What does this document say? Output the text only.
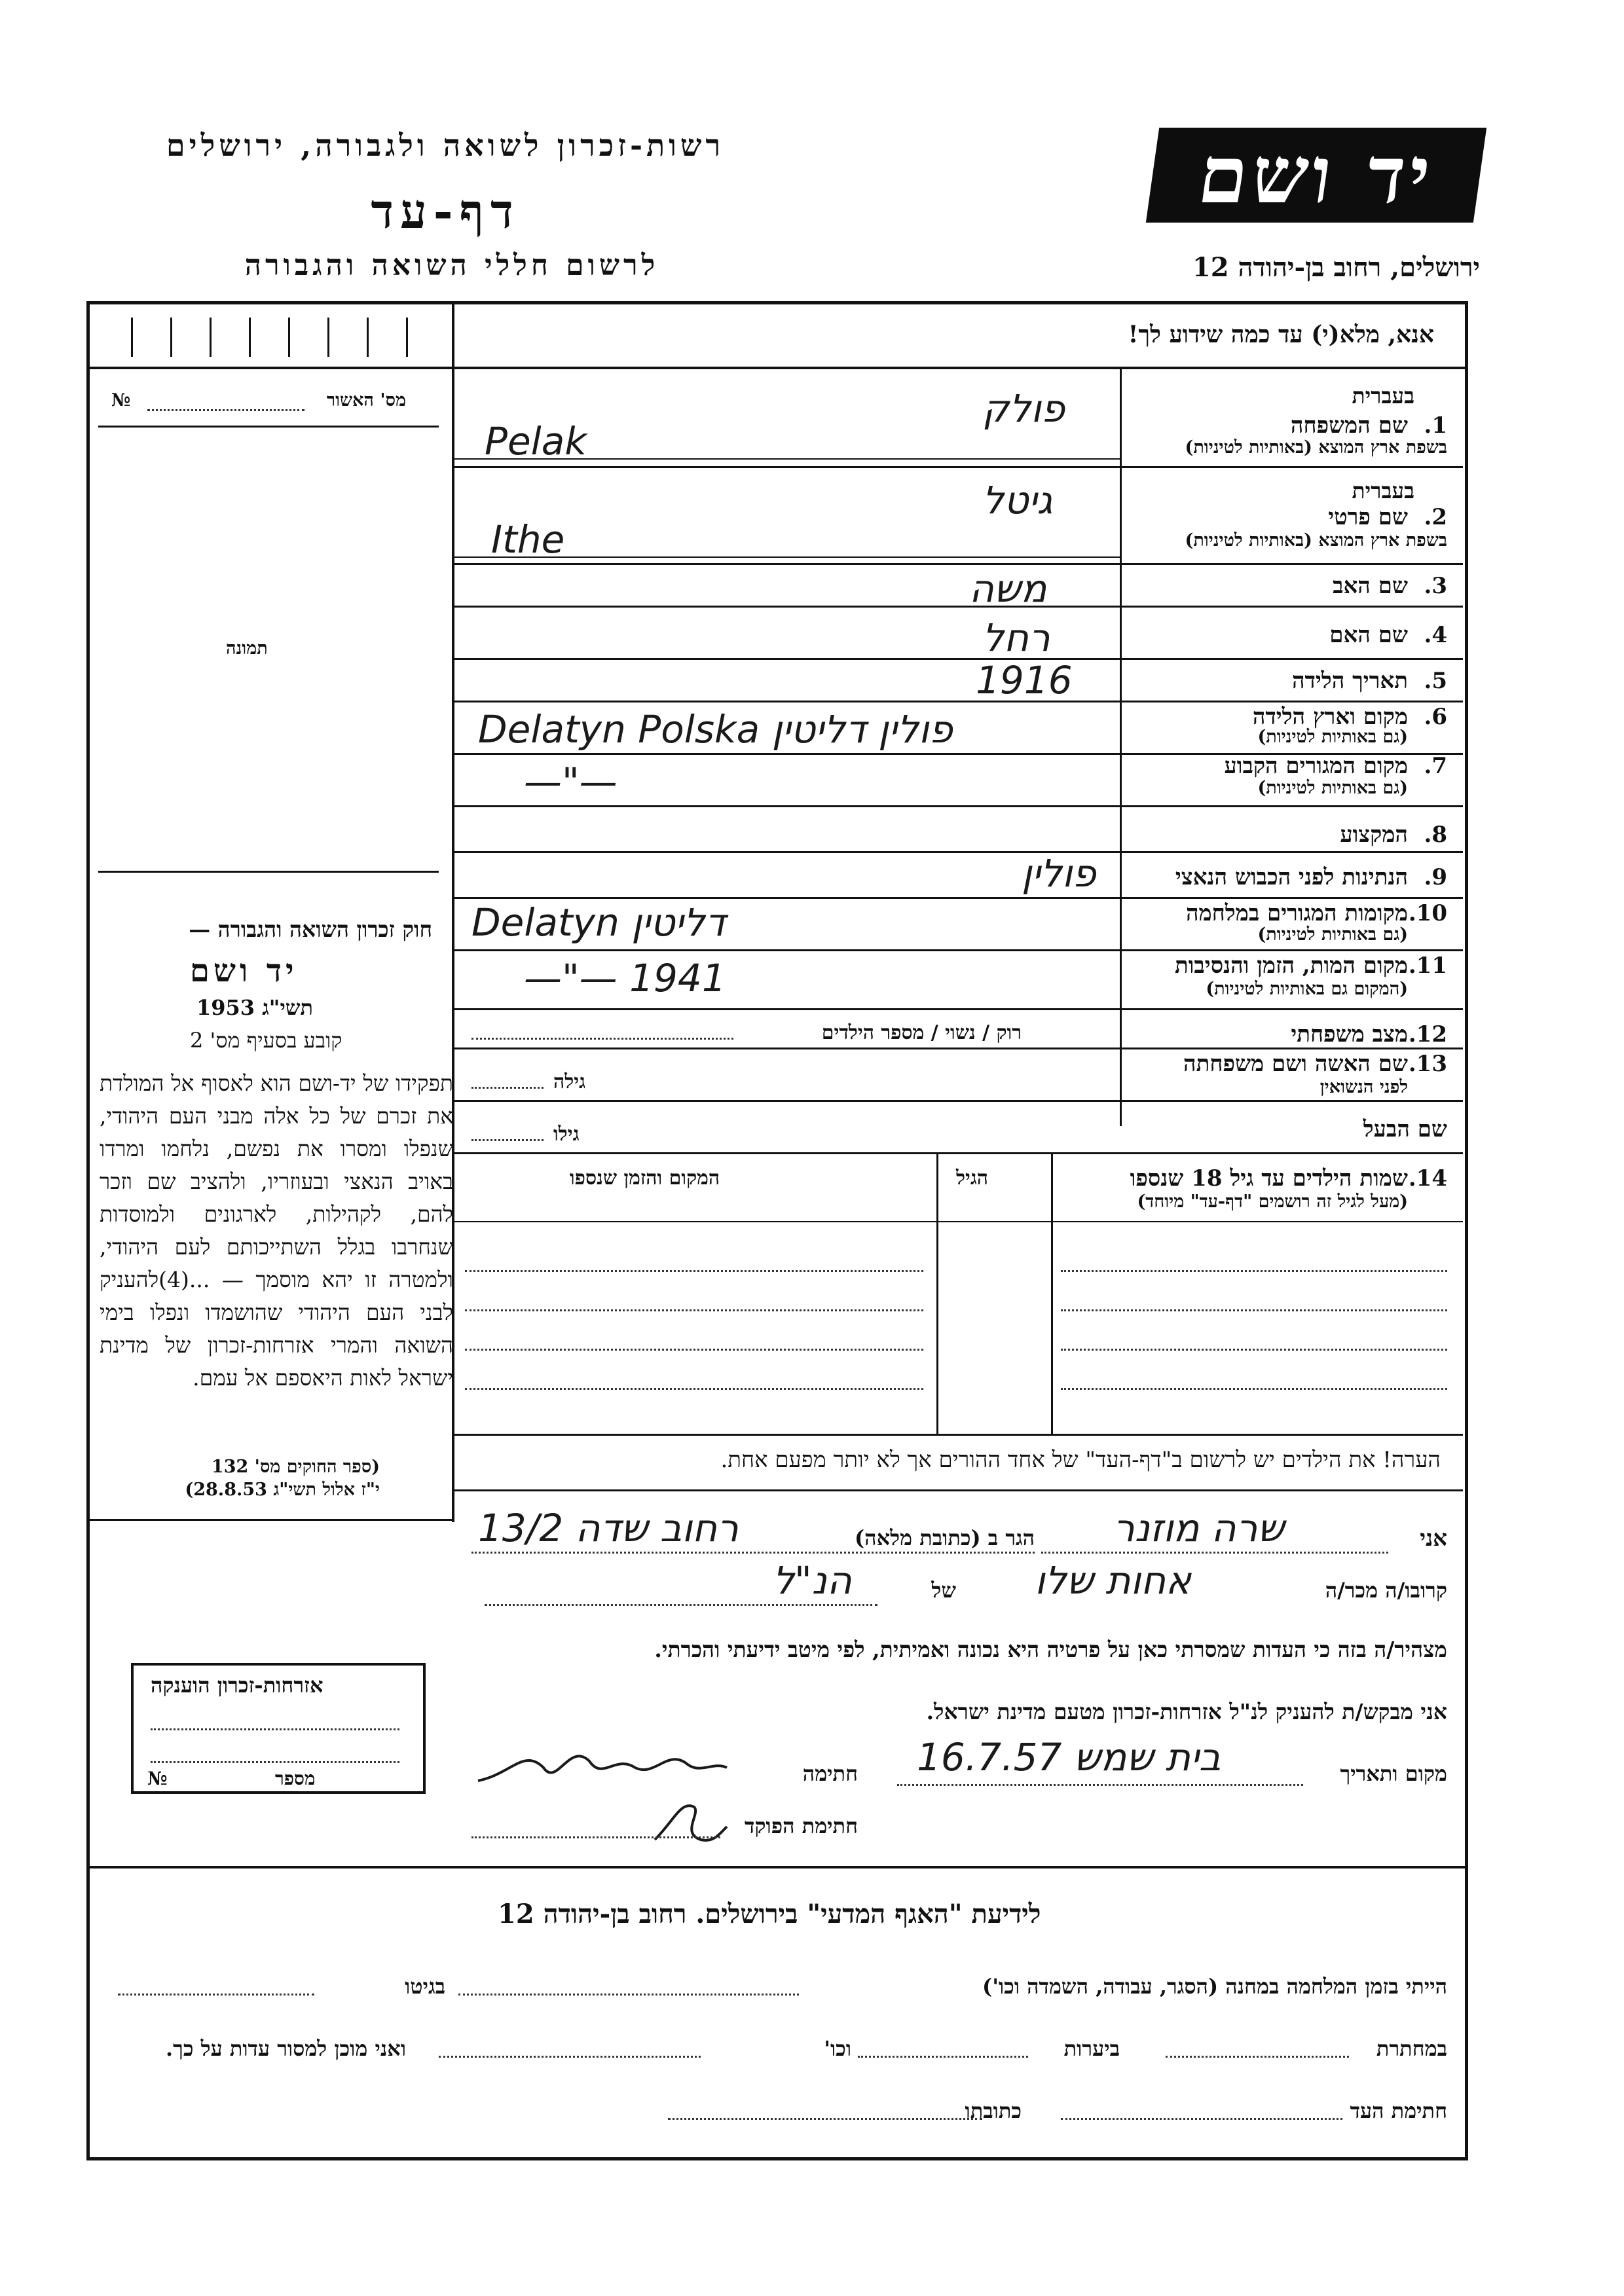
יד ושם
רשות-זכרון לשואה ולגבורה, ירושלים
דף-עד
לרשום חללי השואה והגבורה	ירושלים, רחוב בן-יהודה 12
אנא, מלא(י) עד כמה שידוע לך!
מס' האשור
№
תמונה
חוק זכרון השואה והגבורה —
יד ושם
תשי"ג 1953
קובע בסעיף מס' 2
תפקידו של יד-ושם הוא לאסוף אל המולדת את זכרם של כל אלה מבני העם היהודי, שנפלו ומסרו את נפשם, נלחמו ומרדו באויב הנאצי ובעוזריו, ולהציב שם וזכר להם, לקהילות, לארגונים ולמוסדות שנחרבו בגלל השתייכותם לעם היהודי, ולמטרה זו יהא מוסמך — ...(4)להעניק לבני העם היהודי שהושמדו ונפלו בימי השואה והמרי אזרחות-זכרון של מדינת ישראל לאות היאספם אל עמם.
(ספר החוקים מס' 132
י"ז אלול תשי"ג 28.8.53)
בעברית
1.
שם המשפחה
בשפת ארץ המוצא (באותיות לטיניות)
פולק
Pelak
בעברית
2.
שם פרטי
בשפת ארץ המוצא (באותיות לטיניות)
גיטל
Ithe
3.
שם האב
משה
4.
שם האם
רחל
5.
תאריך הלידה
1916
6.
מקום וארץ הלידה
(גם באותיות לטיניות)
Delatyn Polska פולין דליטין
7.
מקום המגורים הקבוע
(גם באותיות לטיניות)
—"—
8.
המקצוע
9.
הנתינות לפני הכבוש הנאצי
פולין
10.
מקומות המגורים במלחמה
(גם באותיות לטיניות)
Delatyn דליטין
11.
מקום המות, הזמן והנסיבות
(המקום גם באותיות לטיניות)
—"— 1941
12.
מצב משפחתי
רוק / נשוי / מספר הילדים
13.
שם האשה ושם משפחתה
לפני הנשואין
גילה
שם הבעל
גילו
14.
שמות הילדים עד גיל 18 שנספו
(מעל לגיל זה רושמים "דף-עד" מיוחד)
הגיל
המקום והזמן שנספו
הערה! את הילדים יש לרשום ב"דף-העד" של אחד ההורים אך לא יותר מפעם אחת.
אני
שרה מוזנר
הגר ב (כתובת מלאה)
רחוב שדה 13/2
קרובו/ה מכר/ה
אחות שלו
של
הנ"ל
מצהיר/ה בזה כי העדות שמסרתי כאן על פרטיה היא נכונה ואמיתית, לפי מיטב ידיעתי והכרתי.
אני מבקש/ת להעניק לנ"ל אזרחות-זכרון מטעם מדינת ישראל.
מקום ותאריך
בית שמש 16.7.57
חתימה
חתימת הפוקד
אזרחות-זכרון הוענקה
מספר
№
לידיעת "האגף המדעי" בירושלים. רחוב בן-יהודה 12
הייתי בזמן המלחמה במחנה (הסגר, עבודה, השמדה וכו')
בגיטו
במחתרת
ביערות
וכו'
ואני מוכן למסור עדות על כך.
חתימת העד
כתובתו
